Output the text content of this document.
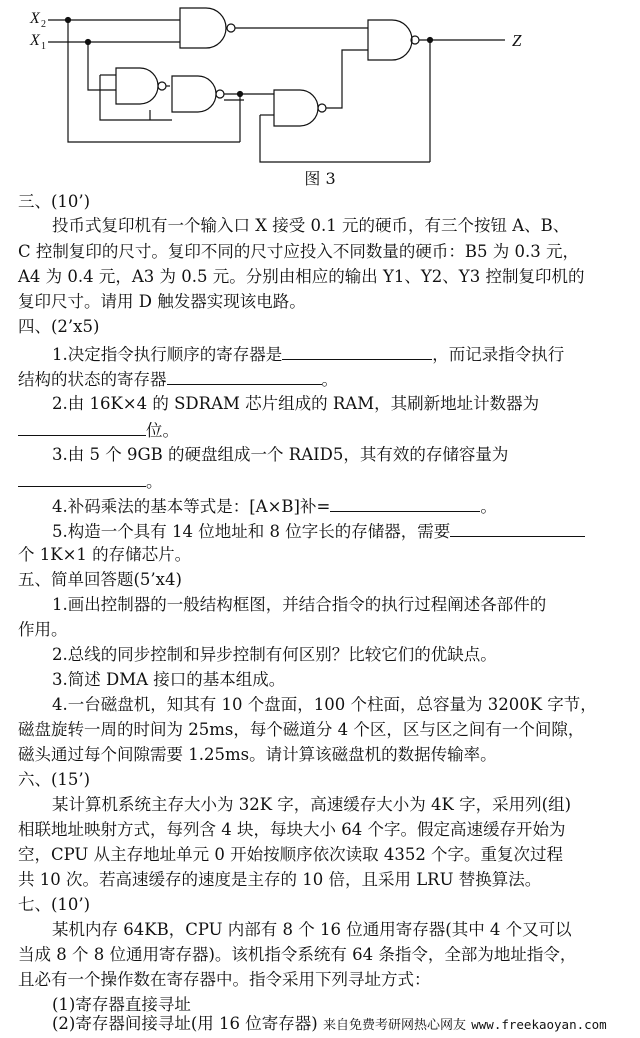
X 2
X 1	Z
图 3
三、(10’)
投币式复印机有一个输入口 X 接受 0.1 元的硬币，有三个按钮 A、B、
C 控制复印的尺寸。复印不同的尺寸应投入不同数量的硬币：B5 为 0.3 元，
A4 为 0.4 元，A3 为 0.5 元。分别由相应的输出 Y1、Y2、Y3 控制复印机的
复印尺寸。请用 D 触发器实现该电路。
四、(2’x5)
1.决定指令执行顺序的寄存器是	，而记录指令执行
结构的状态的寄存器	。
2.由 16K×4 的 SDRAM 芯片组成的 RAM，其刷新地址计数器为
位。
3.由 5 个 9GB 的硬盘组成一个 RAID5，其有效的存储容量为
。
4.补码乘法的基本等式是：[A×B]补=	。
5.构造一个具有 14 位地址和 8 位字长的存储器，需要
个 1K×1 的存储芯片。
五、简单回答题(5’x4)
1.画出控制器的一般结构框图，并结合指令的执行过程阐述各部件的
作用。
2.总线的同步控制和异步控制有何区别？比较它们的优缺点。
3.简述 DMA 接口的基本组成。
4.一台磁盘机，知其有 10 个盘面，100 个柱面，总容量为 3200K 字节，
磁盘旋转一周的时间为 25ms，每个磁道分 4 个区，区与区之间有一个间隙，
磁头通过每个间隙需要 1.25ms。请计算该磁盘机的数据传输率。
六、(15’)
某计算机系统主存大小为 32K 字，高速缓存大小为 4K 字，采用列(组)
相联地址映射方式，每列含 4 块，每块大小 64 个字。假定高速缓存开始为
空，CPU 从主存地址单元 0 开始按顺序依次读取 4352 个字。重复次过程
共 10 次。若高速缓存的速度是主存的 10 倍，且采用 LRU 替换算法。
七、(10’)
某机内存 64KB，CPU 内部有 8 个 16 位通用寄存器(其中 4 个又可以
当成 8 个 8 位通用寄存器)。该机指令系统有 64 条指令，全部为地址指令，
且必有一个操作数在寄存器中。指令采用下列寻址方式：
(1)寄存器直接寻址
(2)寄存器间接寻址(用 16 位寄存器) 来自免费考研网热心网友 www.freekaoyan.com
